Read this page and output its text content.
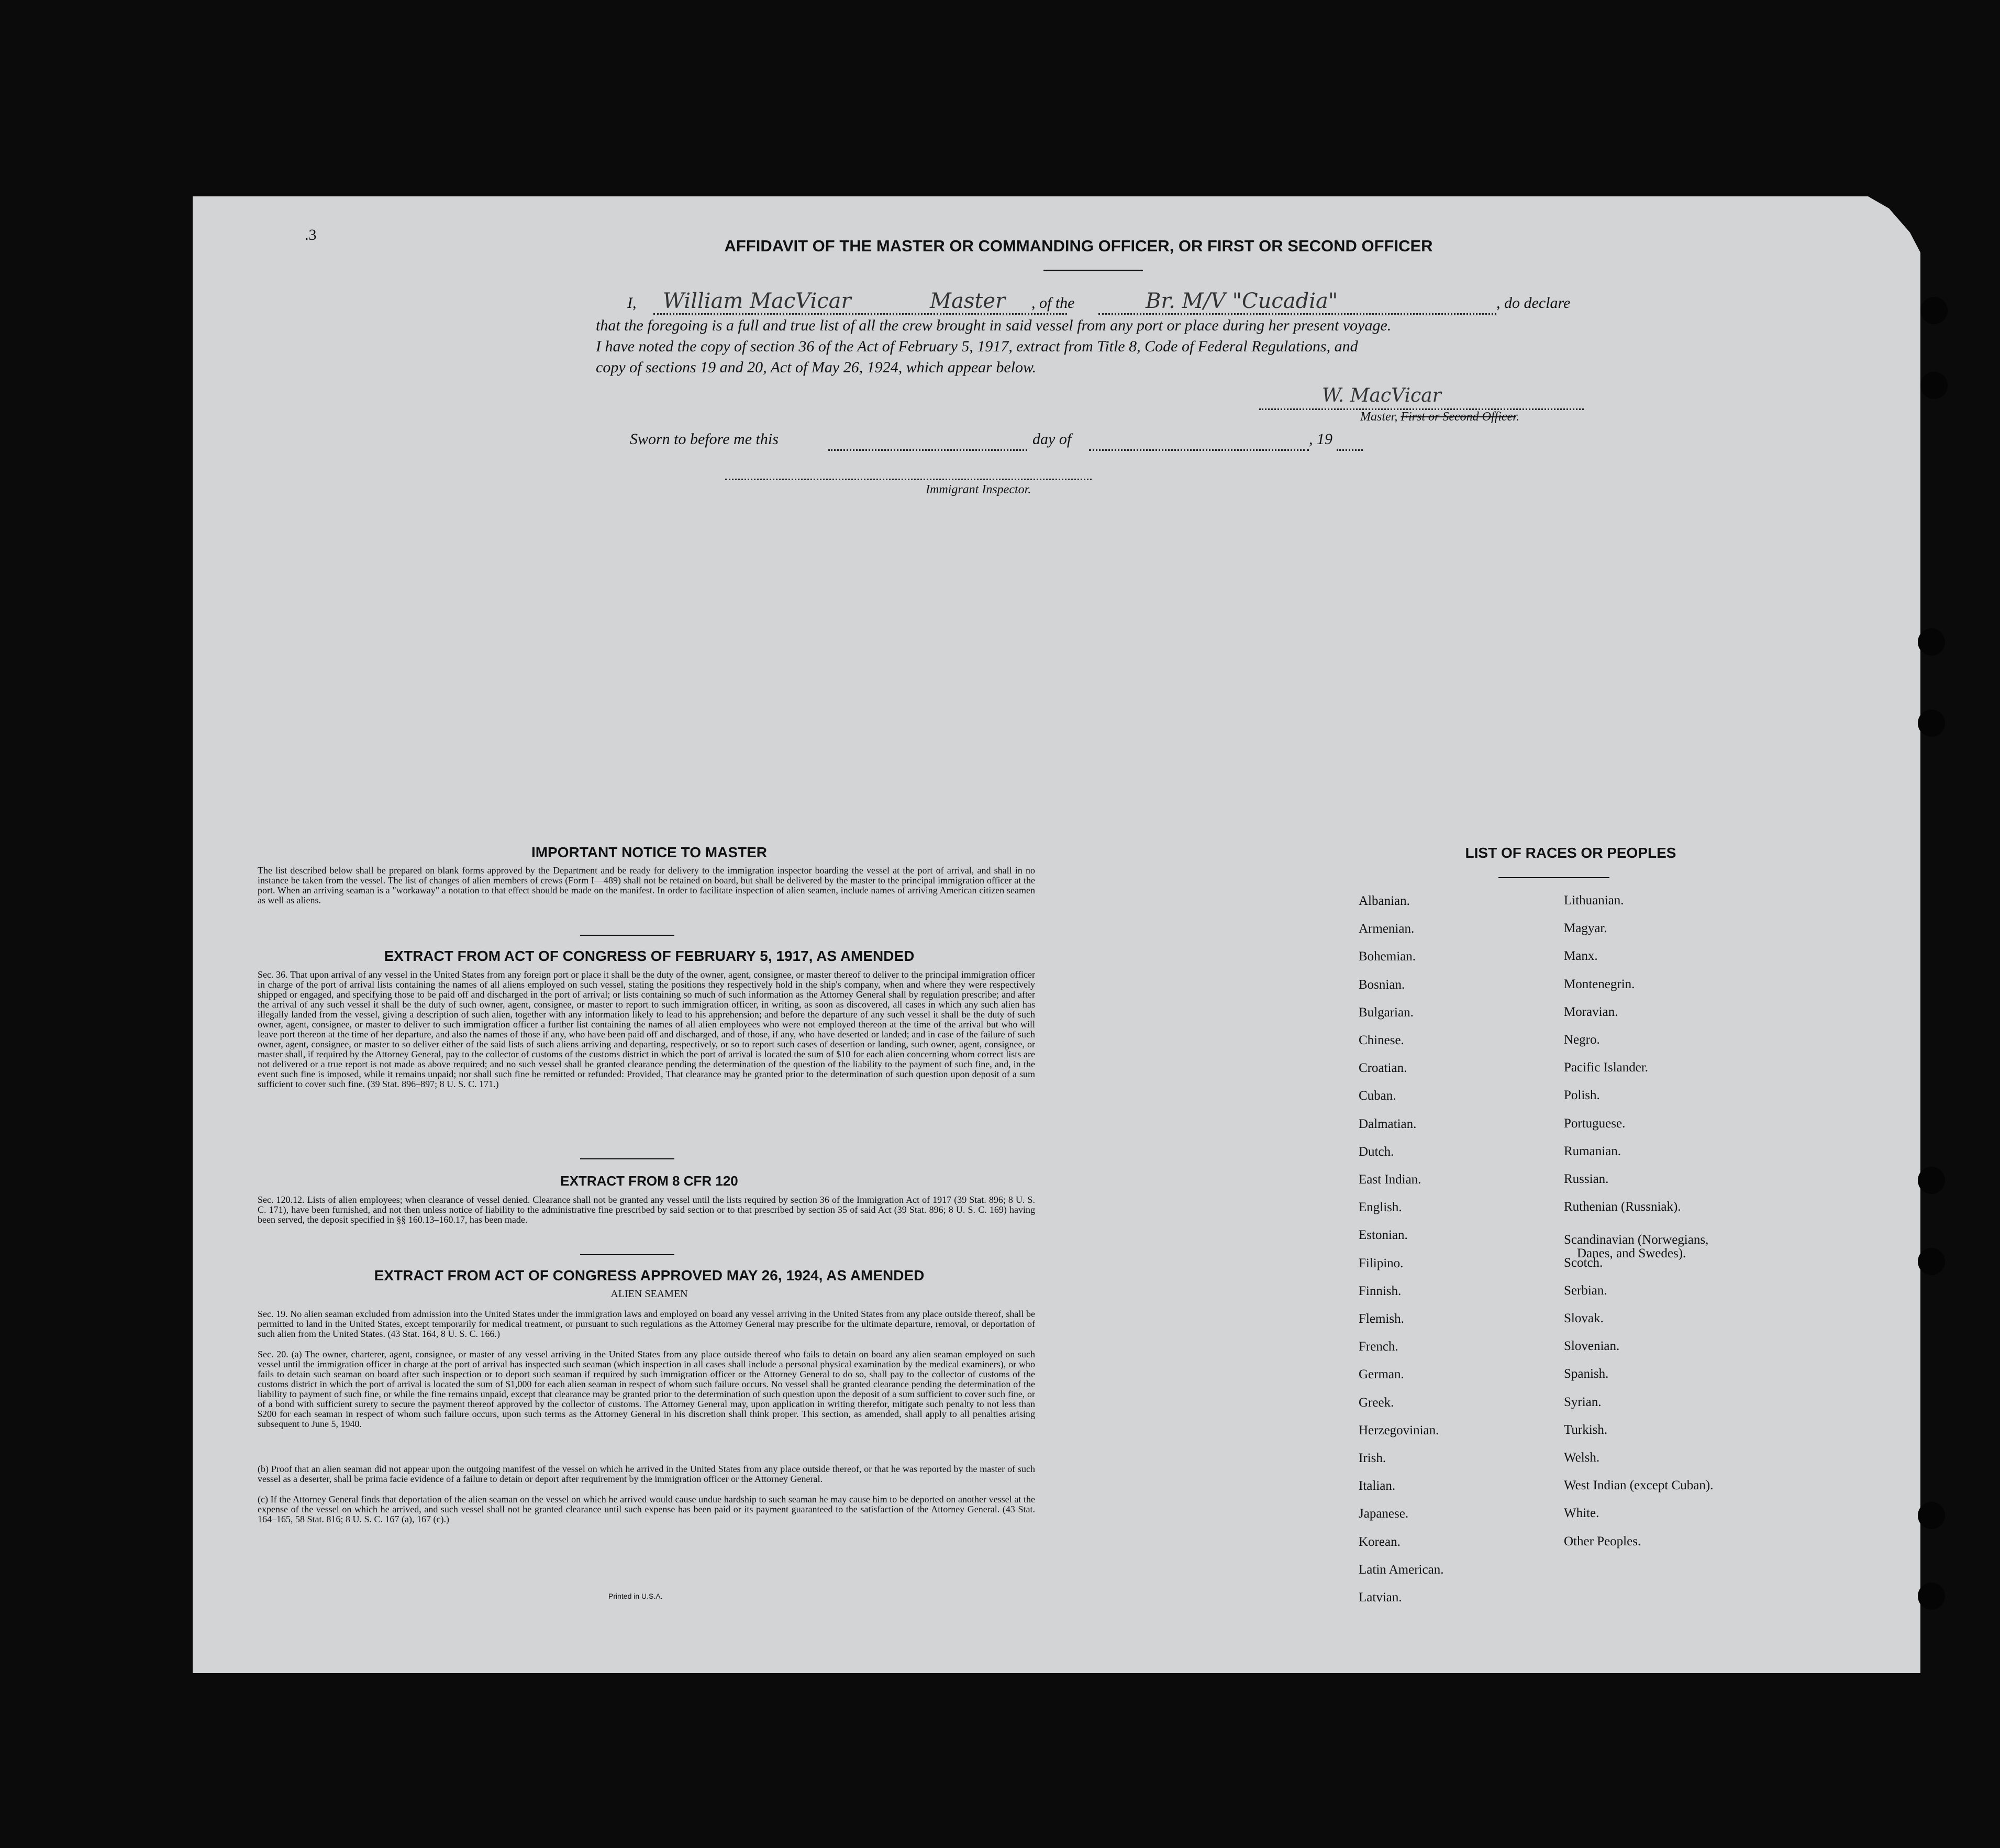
.3
AFFIDAVIT OF THE MASTER OR COMMANDING OFFICER, OR FIRST OR SECOND OFFICER
I, William MacVicar	Master , of the	Br. M/V "Cucadia"	, do declare
that the foregoing is a full and true list of all the crew brought in said vessel from any port or place during her present voyage.
I have noted the copy of section 36 of the Act of February 5, 1917, extract from Title 8, Code of Federal Regulations, and
copy of sections 19 and 20, Act of May 26, 1924, which appear below.
W. MacVicar
Master, First or Second Officer.
Sworn to before me this	day of	, 19
Immigrant Inspector.
IMPORTANT NOTICE TO MASTER
The list described below shall be prepared on blank forms approved by the Department and be ready for delivery to the immigration inspector boarding the vessel at the port of arrival, and shall in no instance be taken from the vessel. The list of changes of alien members of crews (Form I—489) shall not be retained on board, but shall be delivered by the master to the principal immigration officer at the port. When an arriving seaman is a "workaway" a notation to that effect should be made on the manifest. In order to facilitate inspection of alien seamen, include names of arriving American citizen seamen as well as aliens.
EXTRACT FROM ACT OF CONGRESS OF FEBRUARY 5, 1917, AS AMENDED
Sec. 36. That upon arrival of any vessel in the United States from any foreign port or place it shall be the duty of the owner, agent, consignee, or master thereof to deliver to the principal immigration officer in charge of the port of arrival lists containing the names of all aliens employed on such vessel, stating the positions they respectively hold in the ship's company, when and where they were respectively shipped or engaged, and specifying those to be paid off and discharged in the port of arrival; or lists containing so much of such information as the Attorney General shall by regulation prescribe; and after the arrival of any such vessel it shall be the duty of such owner, agent, consignee, or master to report to such immigration officer, in writing, as soon as discovered, all cases in which any such alien has illegally landed from the vessel, giving a description of such alien, together with any information likely to lead to his apprehension; and before the departure of any such vessel it shall be the duty of such owner, agent, consignee, or master to deliver to such immigration officer a further list containing the names of all alien employees who were not employed thereon at the time of the arrival but who will leave port thereon at the time of her departure, and also the names of those if any, who have been paid off and discharged, and of those, if any, who have deserted or landed; and in case of the failure of such owner, agent, consignee, or master to so deliver either of the said lists of such aliens arriving and departing, respectively, or so to report such cases of desertion or landing, such owner, agent, consignee, or master shall, if required by the Attorney General, pay to the collector of customs of the customs district in which the port of arrival is located the sum of $10 for each alien concerning whom correct lists are not delivered or a true report is not made as above required; and no such vessel shall be granted clearance pending the determination of the question of the liability to the payment of such fine, and, in the event such fine is imposed, while it remains unpaid; nor shall such fine be remitted or refunded: Provided, That clearance may be granted prior to the determination of such question upon deposit of a sum sufficient to cover such fine. (39 Stat. 896–897; 8 U. S. C. 171.)
EXTRACT FROM 8 CFR 120
Sec. 120.12. Lists of alien employees; when clearance of vessel denied. Clearance shall not be granted any vessel until the lists required by section 36 of the Immigration Act of 1917 (39 Stat. 896; 8 U. S. C. 171), have been furnished, and not then unless notice of liability to the administrative fine prescribed by said section or to that prescribed by section 35 of said Act (39 Stat. 896; 8 U. S. C. 169) having been served, the deposit specified in §§ 160.13–160.17, has been made.
EXTRACT FROM ACT OF CONGRESS APPROVED MAY 26, 1924, AS AMENDED
ALIEN SEAMEN
Sec. 19. No alien seaman excluded from admission into the United States under the immigration laws and employed on board any vessel arriving in the United States from any place outside thereof, shall be permitted to land in the United States, except temporarily for medical treatment, or pursuant to such regulations as the Attorney General may prescribe for the ultimate departure, removal, or deportation of such alien from the United States. (43 Stat. 164, 8 U. S. C. 166.)
Sec. 20. (a) The owner, charterer, agent, consignee, or master of any vessel arriving in the United States from any place outside thereof who fails to detain on board any alien seaman employed on such vessel until the immigration officer in charge at the port of arrival has inspected such seaman (which inspection in all cases shall include a personal physical examination by the medical examiners), or who fails to detain such seaman on board after such inspection or to deport such seaman if required by such immigration officer or the Attorney General to do so, shall pay to the collector of customs of the customs district in which the port of arrival is located the sum of $1,000 for each alien seaman in respect of whom such failure occurs. No vessel shall be granted clearance pending the determination of the liability to payment of such fine, or while the fine remains unpaid, except that clearance may be granted prior to the determination of such question upon the deposit of a sum sufficient to cover such fine, or of a bond with sufficient surety to secure the payment thereof approved by the collector of customs. The Attorney General may, upon application in writing therefor, mitigate such penalty to not less than $200 for each seaman in respect of whom such failure occurs, upon such terms as the Attorney General in his discretion shall think proper. This section, as amended, shall apply to all penalties arising subsequent to June 5, 1940.
(b) Proof that an alien seaman did not appear upon the outgoing manifest of the vessel on which he arrived in the United States from any place outside thereof, or that he was reported by the master of such vessel as a deserter, shall be prima facie evidence of a failure to detain or deport after requirement by the immigration officer or the Attorney General.
(c) If the Attorney General finds that deportation of the alien seaman on the vessel on which he arrived would cause undue hardship to such seaman he may cause him to be deported on another vessel at the expense of the vessel on which he arrived, and such vessel shall not be granted clearance until such expense has been paid or its payment guaranteed to the satisfaction of the Attorney General. (43 Stat. 164–165, 58 Stat. 816; 8 U. S. C. 167 (a), 167 (c).)
Printed in U.S.A.
LIST OF RACES OR PEOPLES
Albanian.
Armenian.
Bohemian.
Bosnian.
Bulgarian.
Chinese.
Croatian.
Cuban.
Dalmatian.
Dutch.
East Indian.
English.
Estonian.
Filipino.
Finnish.
Flemish.
French.
German.
Greek.
Herzegovinian.
Irish.
Italian.
Japanese.
Korean.
Latin American.
Latvian.
Lithuanian.
Magyar.
Manx.
Montenegrin.
Moravian.
Negro.
Pacific Islander.
Polish.
Portuguese.
Rumanian.
Russian.
Ruthenian (Russniak).
Scandinavian (Norwegians,
Danes, and Swedes).
Scotch.
Serbian.
Slovak.
Slovenian.
Spanish.
Syrian.
Turkish.
Welsh.
West Indian (except Cuban).
White.
Other Peoples.
